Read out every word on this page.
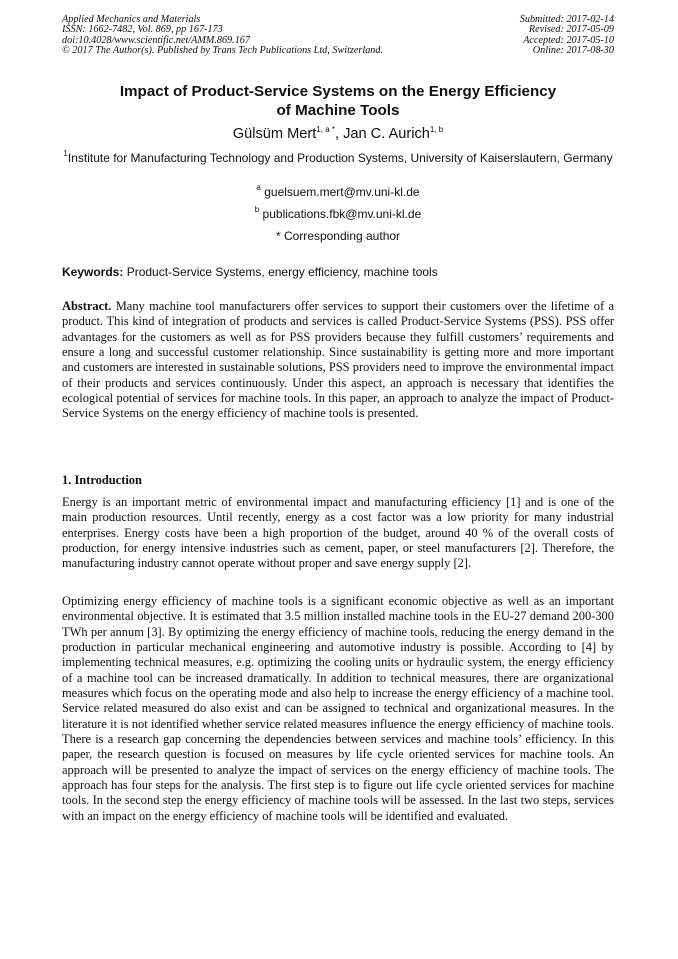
Applied Mechanics and Materials
ISSN: 1662-7482, Vol. 869, pp 167-173
doi:10.4028/www.scientific.net/AMM.869.167
© 2017 The Author(s). Published by Trans Tech Publications Ltd, Switzerland.
Submitted: 2017-02-14
Revised: 2017-05-09
Accepted: 2017-05-10
Online: 2017-08-30
Impact of Product-Service Systems on the Energy Efficiency
of Machine Tools
Gülsüm Mert$^{1, a *}$, Jan C. Aurich$^{1, b}$
$^1$Institute for Manufacturing Technology and Production Systems, University of Kaiserslautern, Germany
$^a$ guelsuem.mert@mv.uni-kl.de
$^b$ publications.fbk@mv.uni-kl.de
* Corresponding author
Keywords: Product-Service Systems, energy efficiency, machine tools
Abstract. Many machine tool manufacturers offer services to support their customers over the lifetime of a product. This kind of integration of products and services is called Product-Service Systems (PSS). PSS offer advantages for the customers as well as for PSS providers because they fulfill customers’ requirements and ensure a long and successful customer relationship. Since sustainability is getting more and more important and customers are interested in sustainable solutions, PSS providers need to improve the environmental impact of their products and services continuously. Under this aspect, an approach is necessary that identifies the ecological potential of services for machine tools. In this paper, an approach to analyze the impact of Product-Service Systems on the energy efficiency of machine tools is presented.
1. Introduction
Energy is an important metric of environmental impact and manufacturing efficiency [1] and is one of the main production resources. Until recently, energy as a cost factor was a low priority for many industrial enterprises. Energy costs have been a high proportion of the budget, around 40 % of the overall costs of production, for energy intensive industries such as cement, paper, or steel manufacturers [2]. Therefore, the manufacturing industry cannot operate without proper and save energy supply [2].
Optimizing energy efficiency of machine tools is a significant economic objective as well as an important environmental objective. It is estimated that 3.5 million installed machine tools in the EU-27 demand 200-300 TWh per annum [3]. By optimizing the energy efficiency of machine tools, reducing the energy demand in the production in particular mechanical engineering and automotive industry is possible. According to [4] by implementing technical measures, e.g. optimizing the cooling units or hydraulic system, the energy efficiency of a machine tool can be increased dramatically. In addition to technical measures, there are organizational measures which focus on the operating mode and also help to increase the energy efficiency of a machine tool. Service related measured do also exist and can be assigned to technical and organizational measures. In the literature it is not identified whether service related measures influence the energy efficiency of machine tools. There is a research gap concerning the dependencies between services and machine tools’ efficiency. In this paper, the research question is focused on measures by life cycle oriented services for machine tools. An approach will be presented to analyze the impact of services on the energy efficiency of machine tools. The approach has four steps for the analysis. The first step is to figure out life cycle oriented services for machine tools. In the second step the energy efficiency of machine tools will be assessed. In the last two steps, services with an impact on the energy efficiency of machine tools will be identified and evaluated.
